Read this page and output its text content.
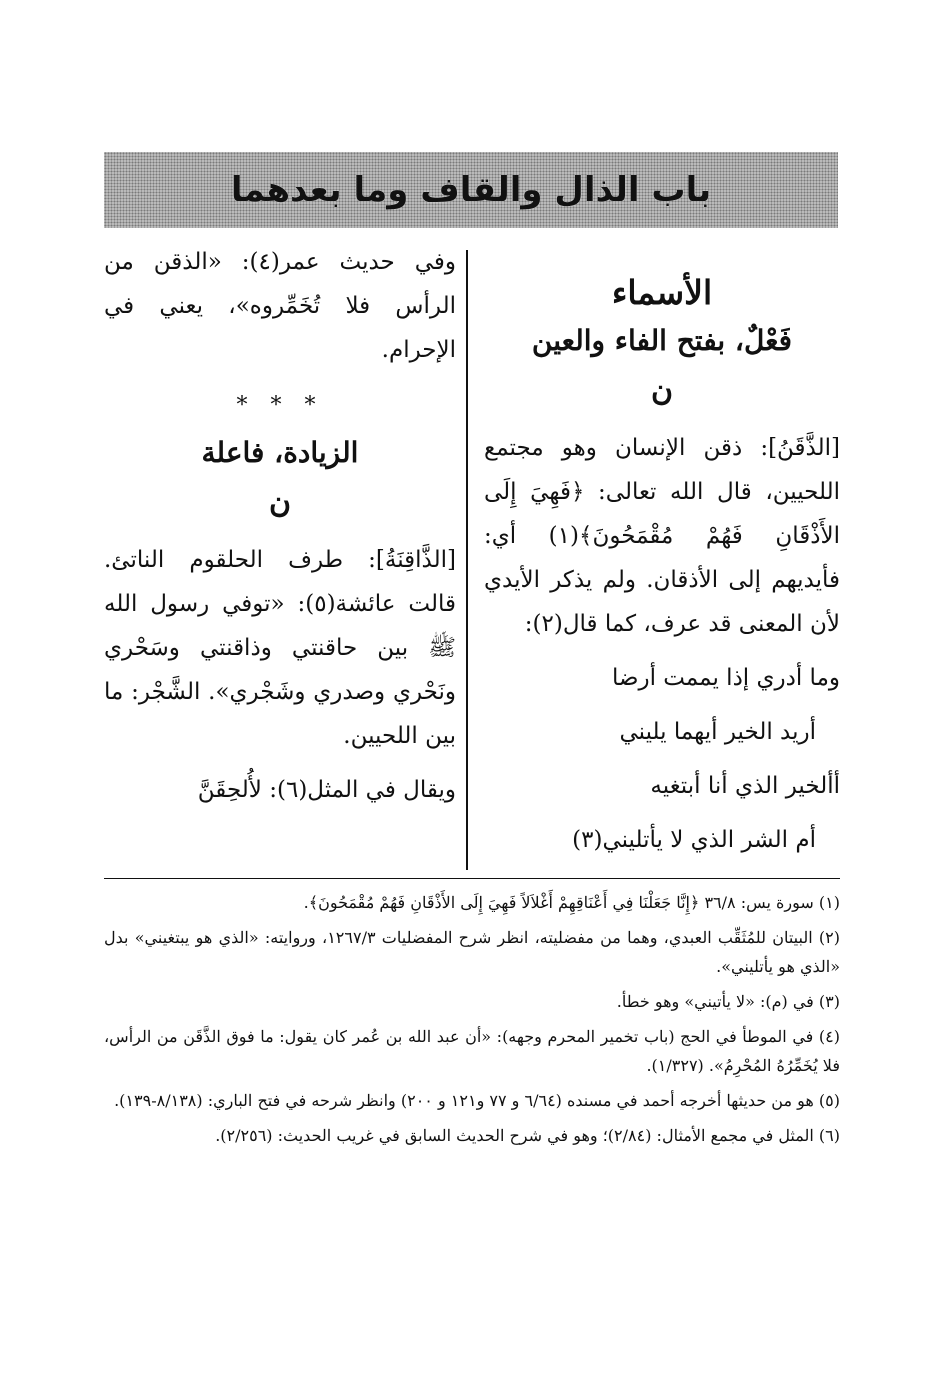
باب الذال والقاف وما بعدهما
الأسماء
فَعْلٌ، بفتح الفاء والعين
ن

[الذَّقَنُ]: ذقن الإنسان وهو مجتمع اللحيين، قال الله تعالى: ﴿فَهِيَ إِلَى الأَذْقَانِ فَهُمْ مُقْمَحُونَ﴾(١) أي: فأيديهم إلى الأذقان. ولم يذكر الأيدي لأن المعنى قد عرف، كما قال(٢):

وما أدري إذا يممت أرضا

أريد الخير أيهما يليني

أألخير الذي أنا أبتغيه

أم الشر الذي لا يأتليني(٣)

وفي حديث عمر(٤): «الذقن من الرأس فلا تُخَمِّروه»، يعني في الإحرام.

* * *
الزيادة، فاعلة
ن

[الذَّاقِنَةُ]: طرف الحلقوم الناتئ. قالت عائشة(٥): «توفي رسول الله ﷺ بين حاقنتي وذاقنتي وسَحْري ونَحْري وصدري وشَجْري». الشَّجْر: ما بين اللحيين.

ويقال في المثل(٦): لأُلحِقَنَّ

(١) سورة يس: ٣٦/٨ ﴿إِنَّا جَعَلْنَا فِي أَعْنَاقِهِمْ أَغْلاَلاً فَهِيَ إِلَى الأَذْقَانِ فَهُمْ مُقْمَحُونَ﴾.

(٢) البيتان للمُثَقِّب العبدي، وهما من مفضليته، انظر شرح المفضليات ١٢٦٧/٣، وروايته: «الذي هو يبتغيني» بدل «الذي هو يأتليني».

(٣) في (م): «لا يأتيني» وهو خطأ.

(٤) في الموطأ في الحج (باب تخمير المحرم وجهه): «أن عبد الله بن عُمر كان يقول: ما فوق الذَّقَن من الرأس، فلا يُخَمِّرُهُ المُحْرِمُ». (١/٣٢٧).

(٥) هو من حديثها أخرجه أحمد في مسنده (٦/٦٤ و ٧٧ و١٢١ و ٢٠٠) وانظر شرحه في فتح الباري: (٨/١٣٨-١٣٩).

(٦) المثل في مجمع الأمثال: (٢/٨٤)؛ وهو في شرح الحديث السابق في غريب الحديث: (٢/٢٥٦).
